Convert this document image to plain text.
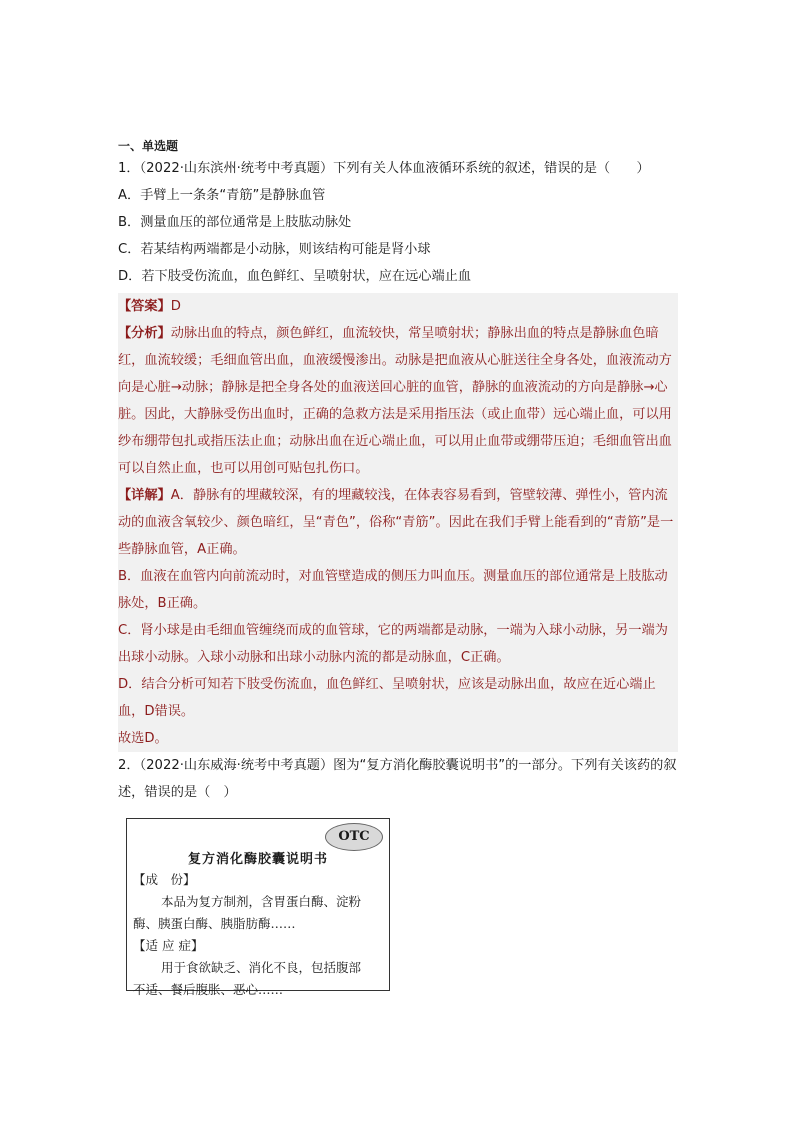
一、单选题
1．（2022·山东滨州·统考中考真题）下列有关人体血液循环系统的叙述，错误的是（　　）
A．手臂上一条条“青筋”是静脉血管
B．测量血压的部位通常是上肢肱动脉处
C．若某结构两端都是小动脉，则该结构可能是肾小球
D．若下肢受伤流血，血色鲜红、呈喷射状，应在远心端止血

【答案】D

【分析】动脉出血的特点，颜色鲜红，血流较快，常呈喷射状；静脉出血的特点是静脉血色暗红，血流较缓；毛细血管出血，血液缓慢渗出。动脉是把血液从心脏送往全身各处，血液流动方向是心脏→动脉；静脉是把全身各处的血液送回心脏的血管，静脉的血液流动的方向是静脉→心脏。因此，大静脉受伤出血时，正确的急救方法是采用指压法（或止血带）远心端止血，可以用纱布绷带包扎或指压法止血；动脉出血在近心端止血，可以用止血带或绷带压迫；毛细血管出血可以自然止血，也可以用创可贴包扎伤口。

【详解】A．静脉有的埋藏较深，有的埋藏较浅，在体表容易看到，管壁较薄、弹性小，管内流动的血液含氧较少、颜色暗红，呈“青色”，俗称“青筋”。因此在我们手臂上能看到的“青筋”是一些静脉血管，A正确。

B．血液在血管内向前流动时，对血管壁造成的侧压力叫血压。测量血压的部位通常是上肢肱动脉处，B正确。

C．肾小球是由毛细血管缠绕而成的血管球，它的两端都是动脉，一端为入球小动脉，另一端为出球小动脉。入球小动脉和出球小动脉内流的都是动脉血，C正确。

D．结合分析可知若下肢受伤流血，血色鲜红、呈喷射状，应该是动脉出血，故应在近心端止血，D错误。

故选D。

2．（2022·山东威海·统考中考真题）图为“复方消化酶胶囊说明书”的一部分。下列有关该药的叙述，错误的是（　）
OTC
复方消化酶胶囊说明书

【成　份】

本品为复方制剂，含胃蛋白酶、淀粉

酶、胰蛋白酶、胰脂肪酶……

【适 应 症】

用于食欲缺乏、消化不良，包括腹部

不适、餐后腹胀、恶心……
